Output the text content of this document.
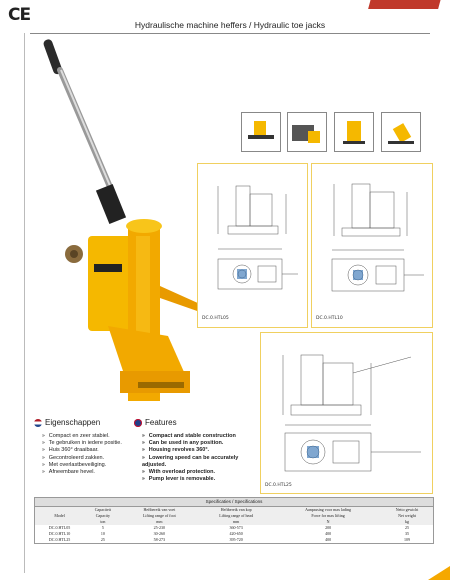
CE	Hydraulische machine heffers / Hydraulic toe jacks
DC.0.HTL05	DC.0.HTL10
DC.0.HTL25
Eigenschappen
» Compact en zeer stabiel.
» Te gebruiken in iedere positie.
» Huis 360° draaibaar.
» Gecontroleerd zakken.
» Met overlastbeveiliging.
» Afneembare hevel.
Features
» Compact and stable construction
» Can be used in any position.
» Housing revolves 360°.
» Lowering speed can be accurately adjusted.
» With overload protection.
» Pump lever is removable.
Specificaties / Specifications
	Capaciteit	Heftbereik van voet	Heftbereik van kop	Aanpassing voor max lading	Netto gewicht
Model	Capacity	Lifting range of foot	Lifting range of head	Force for max lifting	Net weight
	ton	mm	mm	N	kg
DC.0.HTL05	5	25-230	360-573	200	25
DC.0.HTL10	10	30-260	420-650	400	35
DC.0.HTL25	25	58-273	395-720	400	109
